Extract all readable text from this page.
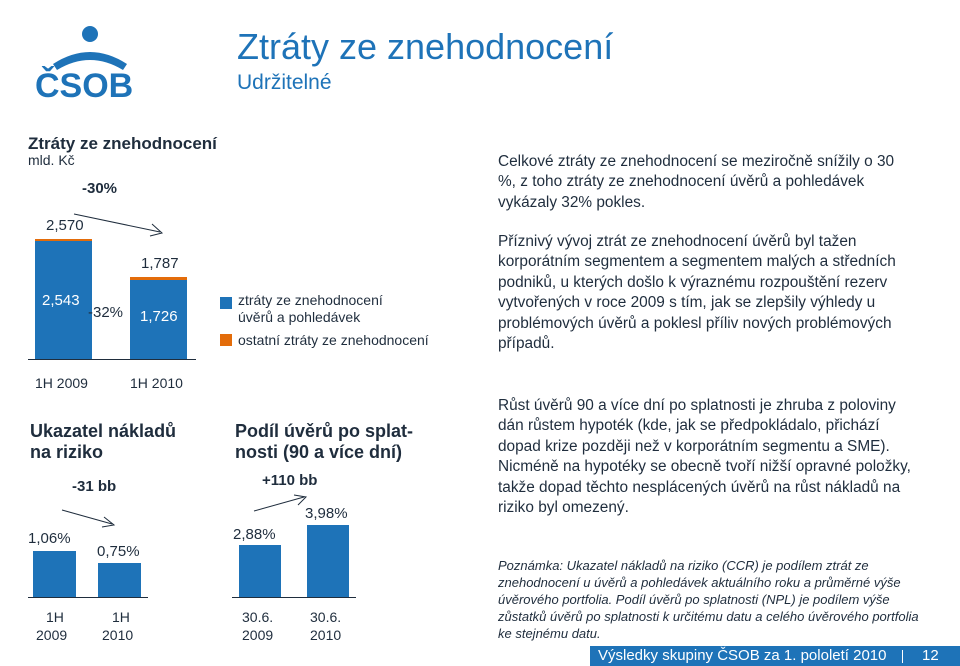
ČSOB
Ztráty ze znehodnocení
Udržitelné
Ztráty ze znehodnocení
mld. Kč
-30%
2,570
1,787
2,543
-32% 1,726
1H 2009	1H 2010
ztráty ze znehodnocení
úvěrů a pohledávek
ostatní ztráty ze znehodnocení
Ukazatel nákladů
na riziko
-31 bb
1,06%
0,75%
1H
2009
1H
2010
Podíl úvěrů po splat-
nosti (90 a více dní)
+110 bb
3,98%
2,88%
30.6.
2009
30.6.
2010
Celkové ztráty ze znehodnocení se meziročně snížily o 30 %, z toho ztráty ze znehodnocení úvěrů a pohledávek vykázaly 32% pokles.
Příznivý vývoj ztrát ze znehodnocení úvěrů byl tažen korporátním segmentem a segmentem malých a středních podniků, u kterých došlo k výraznému rozpouštění rezerv vytvořených v roce 2009 s tím, jak se zlepšily výhledy u problémových úvěrů a poklesl příliv nových problémových případů.
Růst úvěrů 90 a více dní po splatnosti je zhruba z poloviny dán růstem hypoték (kde, jak se předpokládalo, přichází dopad krize později než v korporátním segmentu a SME). Nicméně na hypotéky se obecně tvoří nižší opravné položky, takže dopad těchto nesplácených úvěrů na růst nákladů na riziko byl omezený.
Poznámka: Ukazatel nákladů na riziko (CCR) je podílem ztrát ze znehodnocení u úvěrů a pohledávek aktuálního roku a průměrné výše úvěrového portfolia. Podíl úvěrů po splatnosti (NPL) je podílem výše zůstatků úvěrů po splatnosti k určitému datu a celého úvěrového portfolia ke stejnému datu.
Výsledky skupiny ČSOB za 1. pololetí 2010 12
